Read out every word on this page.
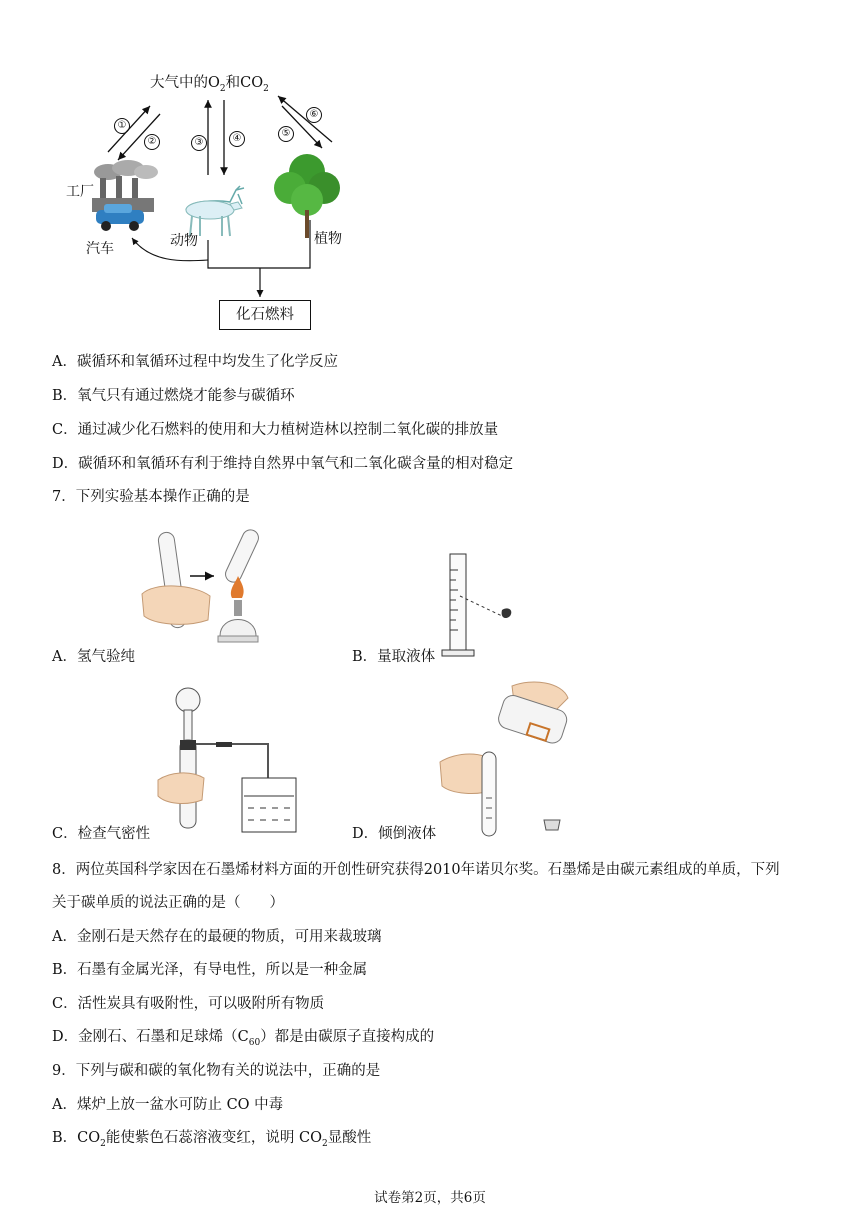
大气中的$O_2$和$CO_2$
①
②	③	④	⑤
⑥
工厂
汽车	动物	植物
化石燃料
A．碳循环和氧循环过程中均发生了化学反应
B．氧气只有通过燃烧才能参与碳循环
C．通过减少化石燃料的使用和大力植树造林以控制二氧化碳的排放量
D．碳循环和氧循环有利于维持自然界中氧气和二氧化碳含量的相对稳定
7．下列实验基本操作正确的是
A．氢气验纯	B．量取液体
C．检查气密性	D．倾倒液体
8．两位英国科学家因在石墨烯材料方面的开创性研究获得2010年诺贝尔奖。石墨烯是由碳元素组成的单质，下列
关于碳单质的说法正确的是（　　）
A．金刚石是天然存在的最硬的物质，可用来裁玻璃
B．石墨有金属光泽，有导电性，所以是一种金属
C．活性炭具有吸附性，可以吸附所有物质
D．金刚石、石墨和足球烯$(C_{60})$都是由碳原子直接构成的
9．下列与碳和碳的氧化物有关的说法中，正确的是
A．煤炉上放一盆水可防止 CO 中毒
B．$CO_2$能使紫色石蕊溶液变红，说明 $CO_2$显酸性
试卷第2页，共6页
